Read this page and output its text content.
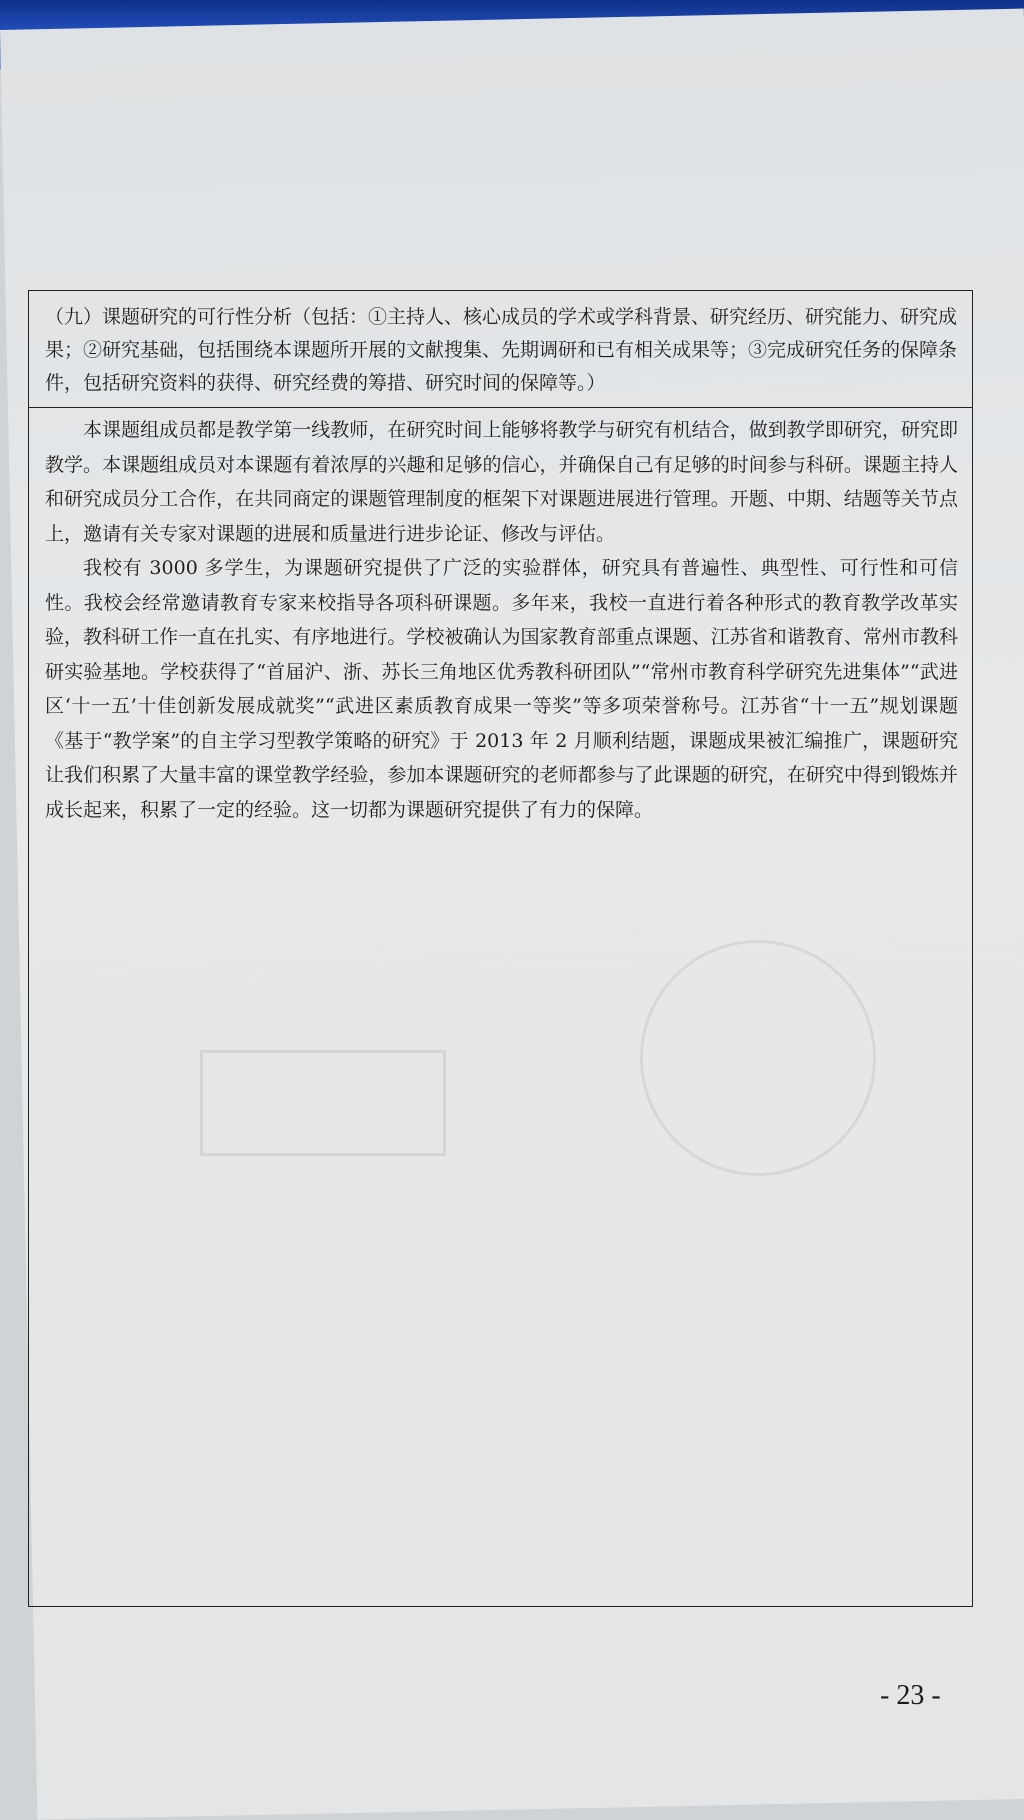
（九）课题研究的可行性分析（包括：①主持人、核心成员的学术或学科背景、研究经历、研究能力、研究成果；②研究基础，包括围绕本课题所开展的文献搜集、先期调研和已有相关成果等；③完成研究任务的保障条件，包括研究资料的获得、研究经费的筹措、研究时间的保障等。）

本课题组成员都是教学第一线教师，在研究时间上能够将教学与研究有机结合，做到教学即研究，研究即教学。本课题组成员对本课题有着浓厚的兴趣和足够的信心，并确保自己有足够的时间参与科研。课题主持人和研究成员分工合作，在共同商定的课题管理制度的框架下对课题进展进行管理。开题、中期、结题等关节点上，邀请有关专家对课题的进展和质量进行进步论证、修改与评估。

我校有 3000 多学生，为课题研究提供了广泛的实验群体，研究具有普遍性、典型性、可行性和可信性。我校会经常邀请教育专家来校指导各项科研课题。多年来，我校一直进行着各种形式的教育教学改革实验，教科研工作一直在扎实、有序地进行。学校被确认为国家教育部重点课题、江苏省和谐教育、常州市教科研实验基地。学校获得了“首届沪、浙、苏长三角地区优秀教科研团队”“常州市教育科学研究先进集体”“武进区‘十一五’十佳创新发展成就奖”“武进区素质教育成果一等奖”等多项荣誉称号。江苏省“十一五”规划课题《基于“教学案”的自主学习型教学策略的研究》于 2013 年 2 月顺利结题，课题成果被汇编推广，课题研究让我们积累了大量丰富的课堂教学经验，参加本课题研究的老师都参与了此课题的研究，在研究中得到锻炼并成长起来，积累了一定的经验。这一切都为课题研究提供了有力的保障。

- 23 -
